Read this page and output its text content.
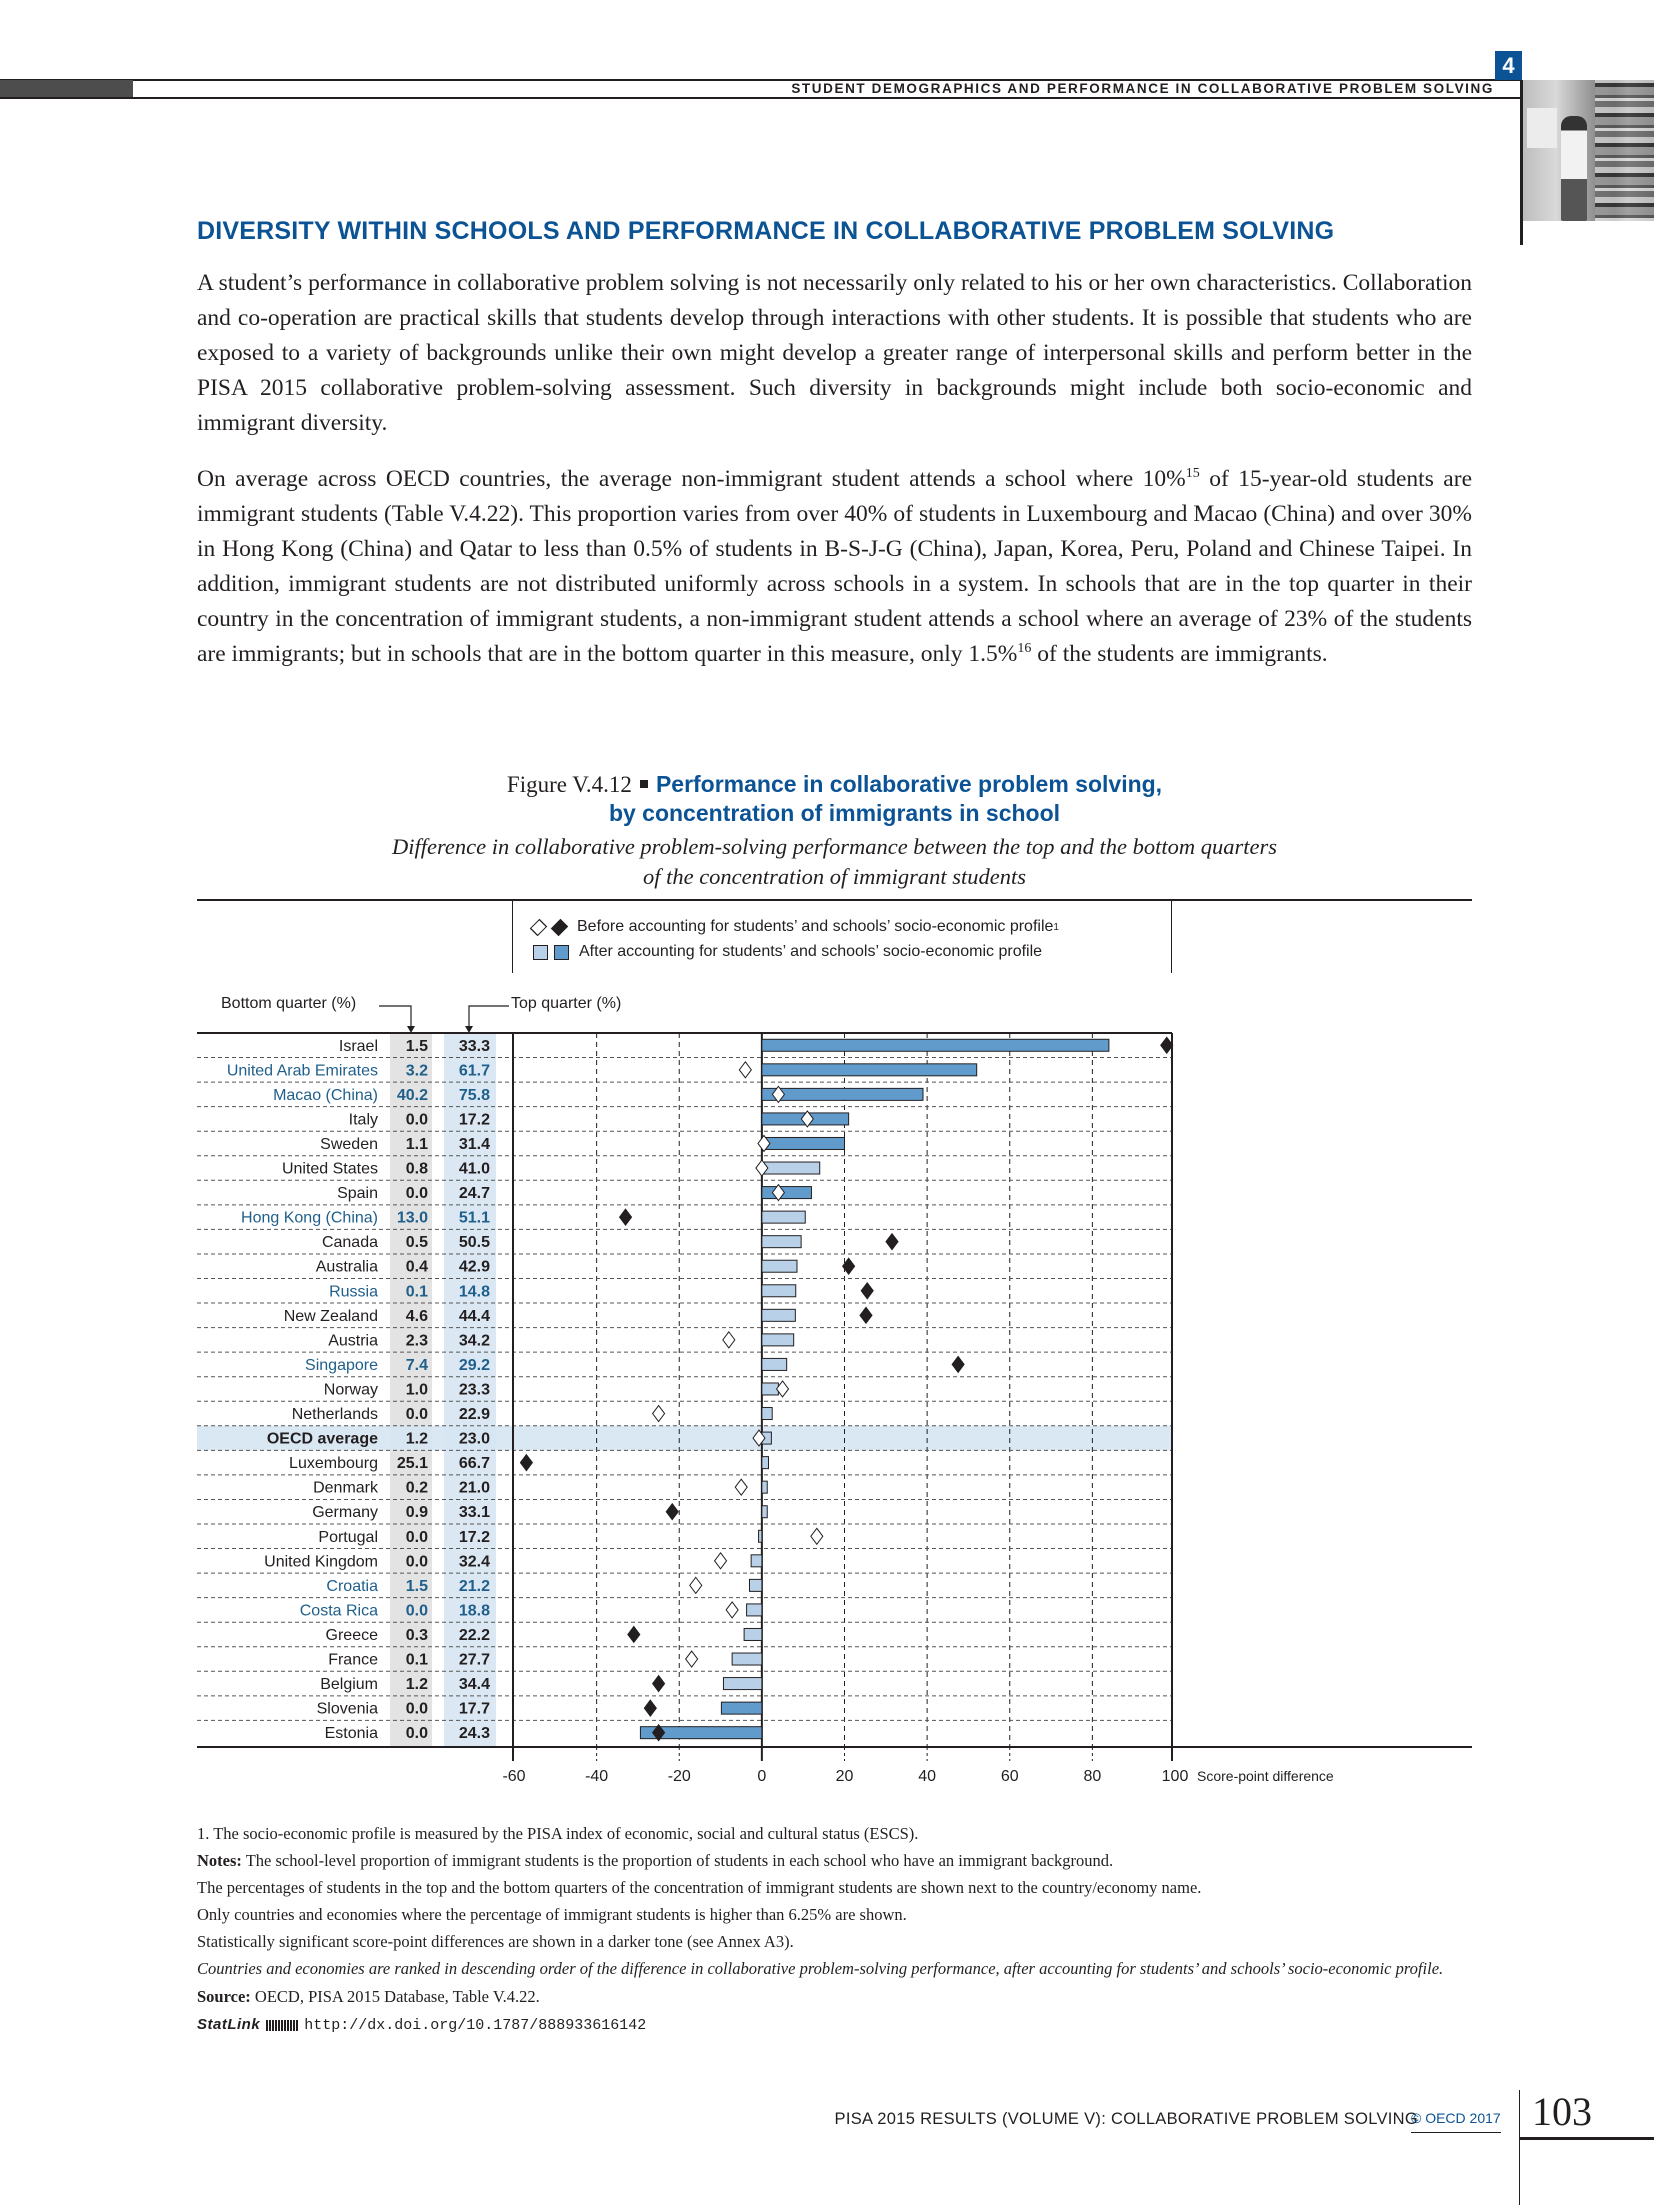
STUDENT DEMOGRAPHICS AND PERFORMANCE IN COLLABORATIVE PROBLEM SOLVING
4
DIVERSITY WITHIN SCHOOLS AND PERFORMANCE IN COLLABORATIVE PROBLEM SOLVING
A student’s performance in collaborative problem solving is not necessarily only related to his or her own characteristics. Collaboration and co-operation are practical skills that students develop through interactions with other students. It is possible that students who are exposed to a variety of backgrounds unlike their own might develop a greater range of interpersonal skills and perform better in the PISA 2015 collaborative problem-solving assessment. Such diversity in backgrounds might include both socio-economic and immigrant diversity.
On average across OECD countries, the average non-immigrant student attends a school where 10%$^{15}$ of 15-year-old students are immigrant students (Table V.4.22). This proportion varies from over 40% of students in Luxembourg and Macao (China) and over 30% in Hong Kong (China) and Qatar to less than 0.5% of students in B-S-J-G (China), Japan, Korea, Peru, Poland and Chinese Taipei. In addition, immigrant students are not distributed uniformly across schools in a system. In schools that are in the top quarter in their country in the concentration of immigrant students, a non-immigrant student attends a school where an average of 23% of the students are immigrants; but in schools that are in the bottom quarter in this measure, only 1.5%$^{16}$ of the students are immigrants.
Figure V.4.12 Performance in collaborative problem solving,
by concentration of immigrants in school
Difference in collaborative problem-solving performance between the top and the bottom quarters
of the concentration of immigrant students
Before accounting for students’ and schools’ socio-economic profile 1
After accounting for students’ and schools’ socio-economic profile
Bottom quarter (%)	Top quarter (%)
-60	-40	-20	0	20	40	60	80	100 Score-point difference
Israel 1.5 33.3
United Arab Emirates 3.2 61.7
Macao (China) 40.2 75.8
Italy 0.0 17.2
Sweden 1.1 31.4
United States 0.8 41.0
Spain 0.0 24.7
Hong Kong (China) 13.0 51.1
Canada 0.5 50.5
Australia 0.4 42.9
Russia 0.1 14.8
New Zealand 4.6 44.4
Austria 2.3 34.2
Singapore 7.4 29.2
Norway 1.0 23.3
Netherlands 0.0 22.9
OECD average 1.2 23.0
Luxembourg 25.1 66.7
Denmark 0.2 21.0
Germany 0.9 33.1
Portugal 0.0 17.2
United Kingdom 0.0 32.4
Croatia 1.5 21.2
Costa Rica 0.0 18.8
Greece 0.3 22.2
France 0.1 27.7
Belgium 1.2 34.4
Slovenia 0.0 17.7
Estonia 0.0 24.3
1. The socio-economic profile is measured by the PISA index of economic, social and cultural status (ESCS).
Notes: The school-level proportion of immigrant students is the proportion of students in each school who have an immigrant background.
The percentages of students in the top and the bottom quarters of the concentration of immigrant students are shown next to the country/economy name.
Only countries and economies where the percentage of immigrant students is higher than 6.25% are shown.
Statistically significant score-point differences are shown in a darker tone (see Annex A3).
Countries and economies are ranked in descending order of the difference in collaborative problem-solving performance, after accounting for students’ and schools’ socio-economic profile.
Source: OECD, PISA 2015 Database, Table V.4.22.
StatLink	http://dx.doi.org/10.1787/888933616142
PISA 2015 RESULTS (VOLUME V): COLLABORATIVE PROBLEM SOLVING
© OECD 2017 103
